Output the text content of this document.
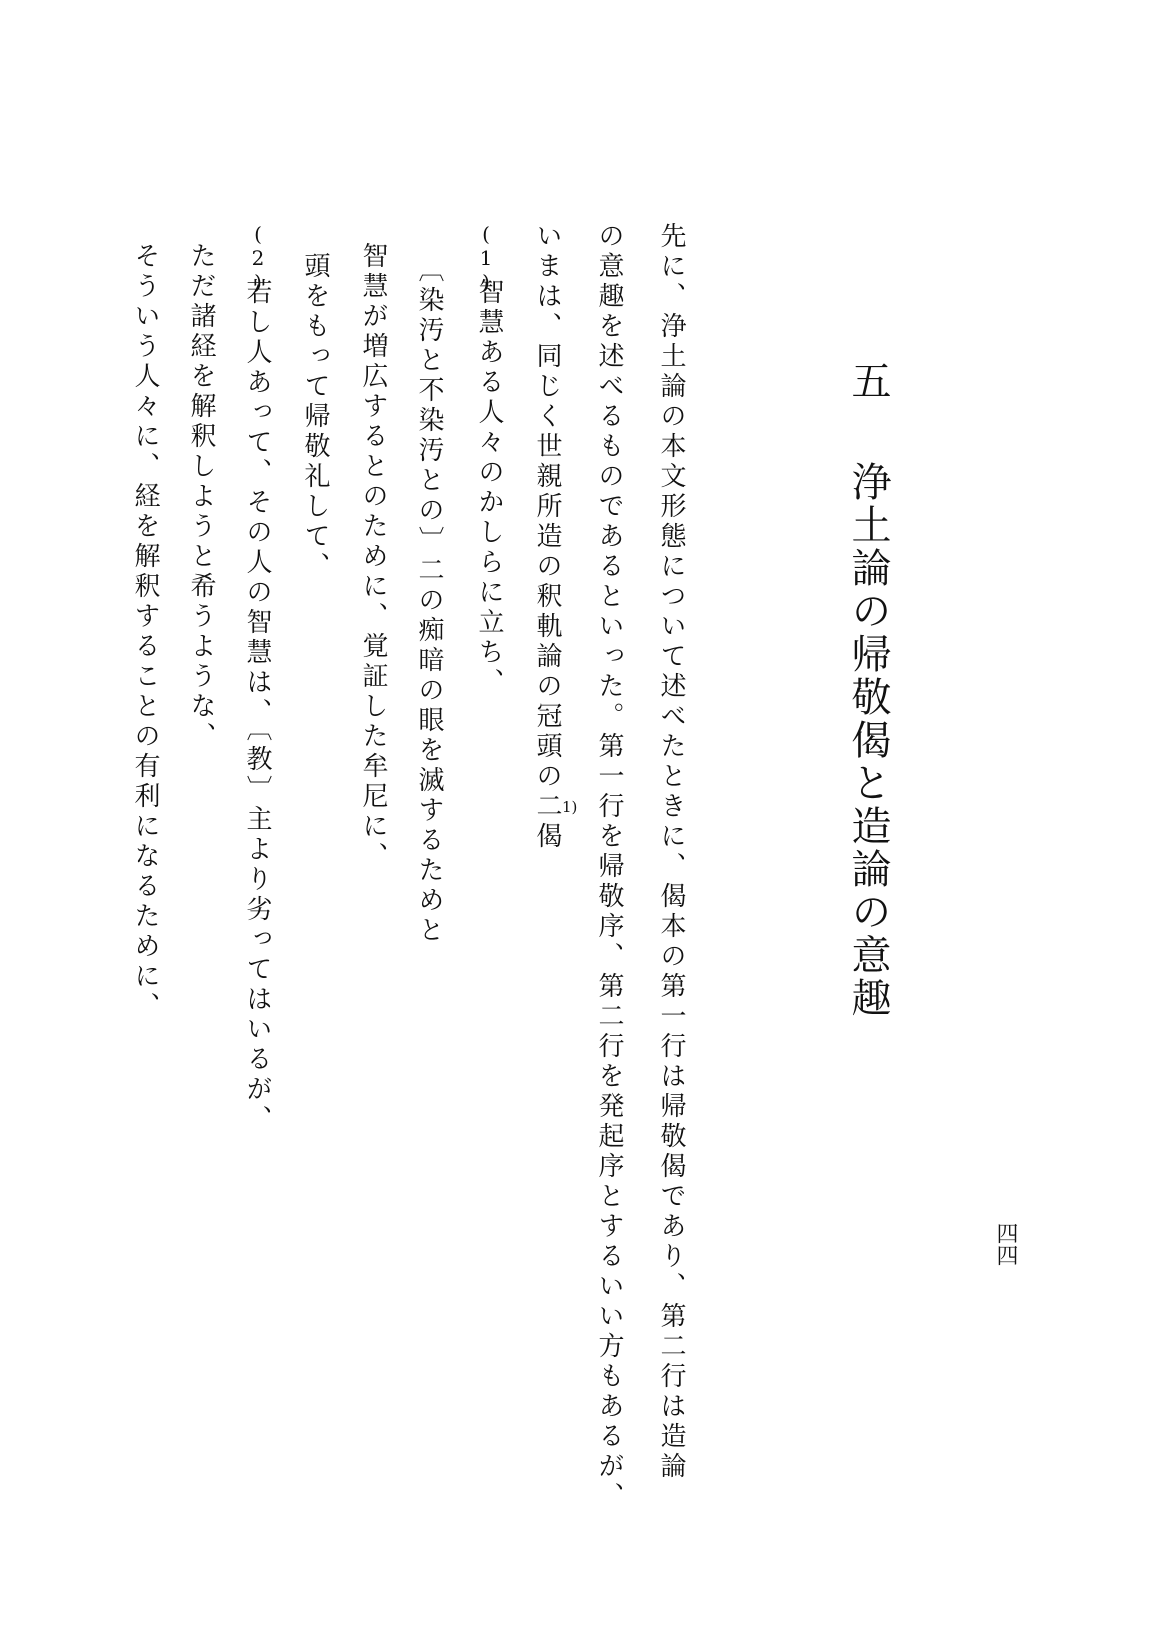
五浄土論の帰敬偈と造論の意趣
先に、浄土論の本文形態について述べたときに、偈本の第一行は帰敬偈であり、第二行は造論
の意趣を述べるものであるといった。第一行を帰敬序、第二行を発起序とするいい方もあるが、
いまは、同じく世親所造の釈軌論の冠頭の二偈 1)
(1)
智慧ある人々のかしらに立ち、
〔染汚と不染汚との〕二の痴暗の眼を滅するためと
智慧が増広するとのために、覚証した牟尼に、
頭をもって帰敬礼して、
(2)
若し人あって、その人の智慧は、〔教〕主より劣ってはいるが、
ただ諸経を解釈しようと希うような、
そういう人々に、経を解釈することの有利になるために、
四四
